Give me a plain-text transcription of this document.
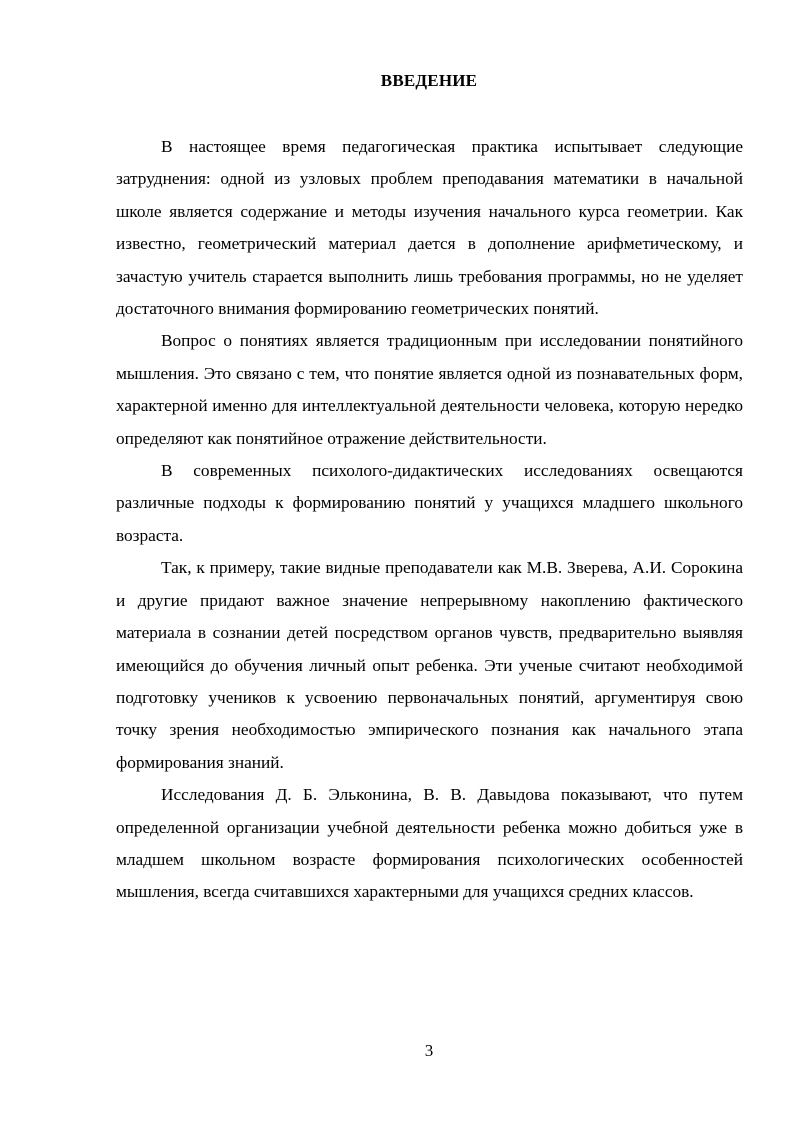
ВВЕДЕНИЕ

В настоящее время педагогическая практика испытывает следующие затруднения: одной из узловых проблем преподавания математики в начальной школе является содержание и методы изучения начального курса геометрии. Как известно, геометрический материал дается в дополнение арифметическому, и зачастую учитель старается выполнить лишь требования программы, но не уделяет достаточного внимания формированию геометрических понятий.

Вопрос о понятиях является традиционным при исследовании понятийного мышления. Это связано с тем, что понятие является одной из познавательных форм, характерной именно для интеллектуальной деятельности человека, которую нередко определяют как понятийное отражение действительности.

В современных психолого-дидактических исследованиях освещаются различные подходы к формированию понятий у учащихся младшего школьного возраста.

Так, к примеру, такие видные преподаватели как М.В. Зверева, А.И. Сорокина и другие придают важное значение непрерывному накоплению фактического материала в сознании детей посредством органов чувств, предварительно выявляя имеющийся до обучения личный опыт ребенка. Эти ученые считают необходимой подготовку учеников к усвоению первоначальных понятий, аргументируя свою точку зрения необходимостью эмпирического познания как начального этапа формирования знаний.

Исследования Д. Б. Эльконина, В. В. Давыдова показывают, что путем определенной организации учебной деятельности ребенка можно добиться уже в младшем школьном возрасте формирования психологических особенностей мышления, всегда считавшихся характерными для учащихся средних классов.

3
